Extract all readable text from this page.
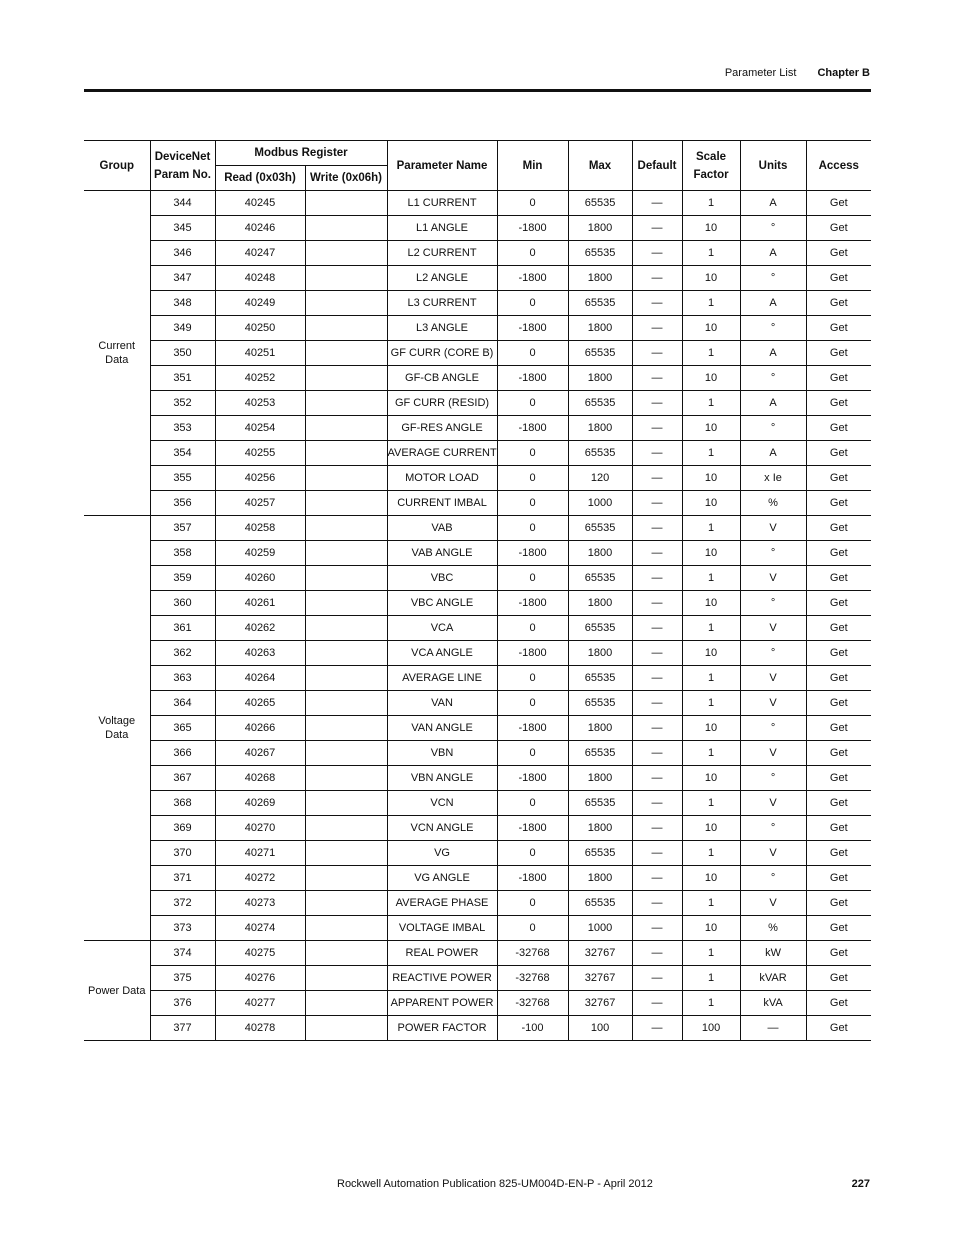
Parameter List Chapter B
Group	DeviceNet
Param No.	Modbus Register		Parameter Name	Min	Max	Default	Scale
Factor	Units	Access
		Read (0x03h)	Write (0x06h)							
Current
Data	344	40245		L1 CURRENT	0	65535	—	1	A	Get
	345	40246		L1 ANGLE	-1800	1800	—	10	°	Get
	346	40247		L2 CURRENT	0	65535	—	1	A	Get
	347	40248		L2 ANGLE	-1800	1800	—	10	°	Get
	348	40249		L3 CURRENT	0	65535	—	1	A	Get
	349	40250		L3 ANGLE	-1800	1800	—	10	°	Get
	350	40251		GF CURR (CORE B)	0	65535	—	1	A	Get
	351	40252		GF-CB ANGLE	-1800	1800	—	10	°	Get
	352	40253		GF CURR (RESID)	0	65535	—	1	A	Get
	353	40254		GF-RES ANGLE	-1800	1800	—	10	°	Get
	354	40255		AVERAGE CURRENT	0	65535	—	1	A	Get
	355	40256		MOTOR LOAD	0	120	—	10	x Ie	Get
	356	40257		CURRENT IMBAL	0	1000	—	10	%	Get
Voltage
Data	357	40258		VAB	0	65535	—	1	V	Get
	358	40259		VAB ANGLE	-1800	1800	—	10	°	Get
	359	40260		VBC	0	65535	—	1	V	Get
	360	40261		VBC ANGLE	-1800	1800	—	10	°	Get
	361	40262		VCA	0	65535	—	1	V	Get
	362	40263		VCA ANGLE	-1800	1800	—	10	°	Get
	363	40264		AVERAGE LINE	0	65535	—	1	V	Get
	364	40265		VAN	0	65535	—	1	V	Get
	365	40266		VAN ANGLE	-1800	1800	—	10	°	Get
	366	40267		VBN	0	65535	—	1	V	Get
	367	40268		VBN ANGLE	-1800	1800	—	10	°	Get
	368	40269		VCN	0	65535	—	1	V	Get
	369	40270		VCN ANGLE	-1800	1800	—	10	°	Get
	370	40271		VG	0	65535	—	1	V	Get
	371	40272		VG ANGLE	-1800	1800	—	10	°	Get
	372	40273		AVERAGE PHASE	0	65535	—	1	V	Get
	373	40274		VOLTAGE IMBAL	0	1000	—	10	%	Get
Power Data	374	40275		REAL POWER	-32768	32767	—	1	kW	Get
	375	40276		REACTIVE POWER	-32768	32767	—	1	kVAR	Get
	376	40277		APPARENT POWER	-32768	32767	—	1	kVA	Get
	377	40278		POWER FACTOR	-100	100	—	100	—	Get
Rockwell Automation Publication 825-UM004D-EN-P - April 2012	227
